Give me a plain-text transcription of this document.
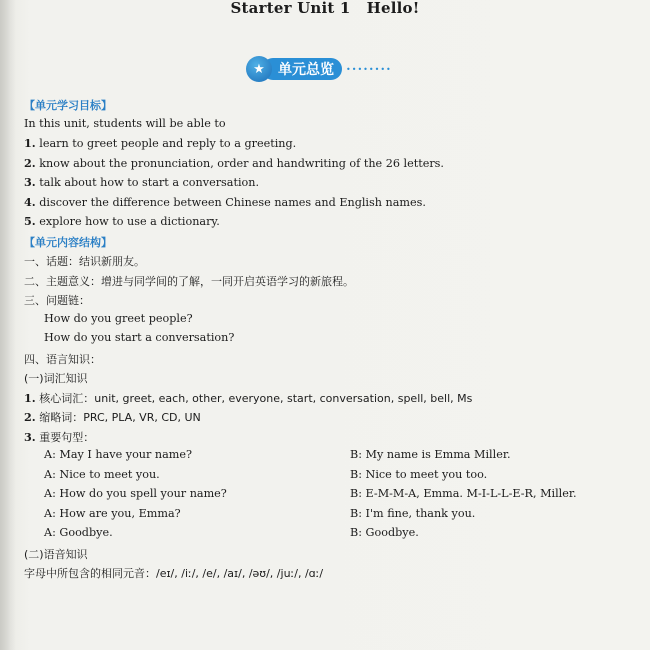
Starter Unit 1 Hello!
★ 单元总览 ••••••••
【单元学习目标】
In this unit, students will be able to
1. learn to greet people and reply to a greeting.
2. know about the pronunciation, order and handwriting of the 26 letters.
3. talk about how to start a conversation.
4. discover the difference between Chinese names and English names.
5. explore how to use a dictionary.
【单元内容结构】
一、话题：结识新朋友。
二、主题意义：增进与同学间的了解，一同开启英语学习的新旅程。
三、问题链：
How do you greet people?
How do you start a conversation?
四、语言知识：
(一)词汇知识
1. 核心词汇：unit, greet, each, other, everyone, start, conversation, spell, bell, Ms
2. 缩略词：PRC, PLA, VR, CD, UN
3. 重要句型：
A: May I have your name?	B: My name is Emma Miller.
A: Nice to meet you.	B: Nice to meet you too.
A: How do you spell your name?	B: E-M-M-A, Emma. M-I-L-L-E-R, Miller.
A: How are you, Emma?	B: I'm fine, thank you.
A: Goodbye.	B: Goodbye.
(二)语音知识
字母中所包含的相同元音：/eɪ/, /iː/, /e/, /aɪ/, /əʊ/, /juː/, /ɑː/
